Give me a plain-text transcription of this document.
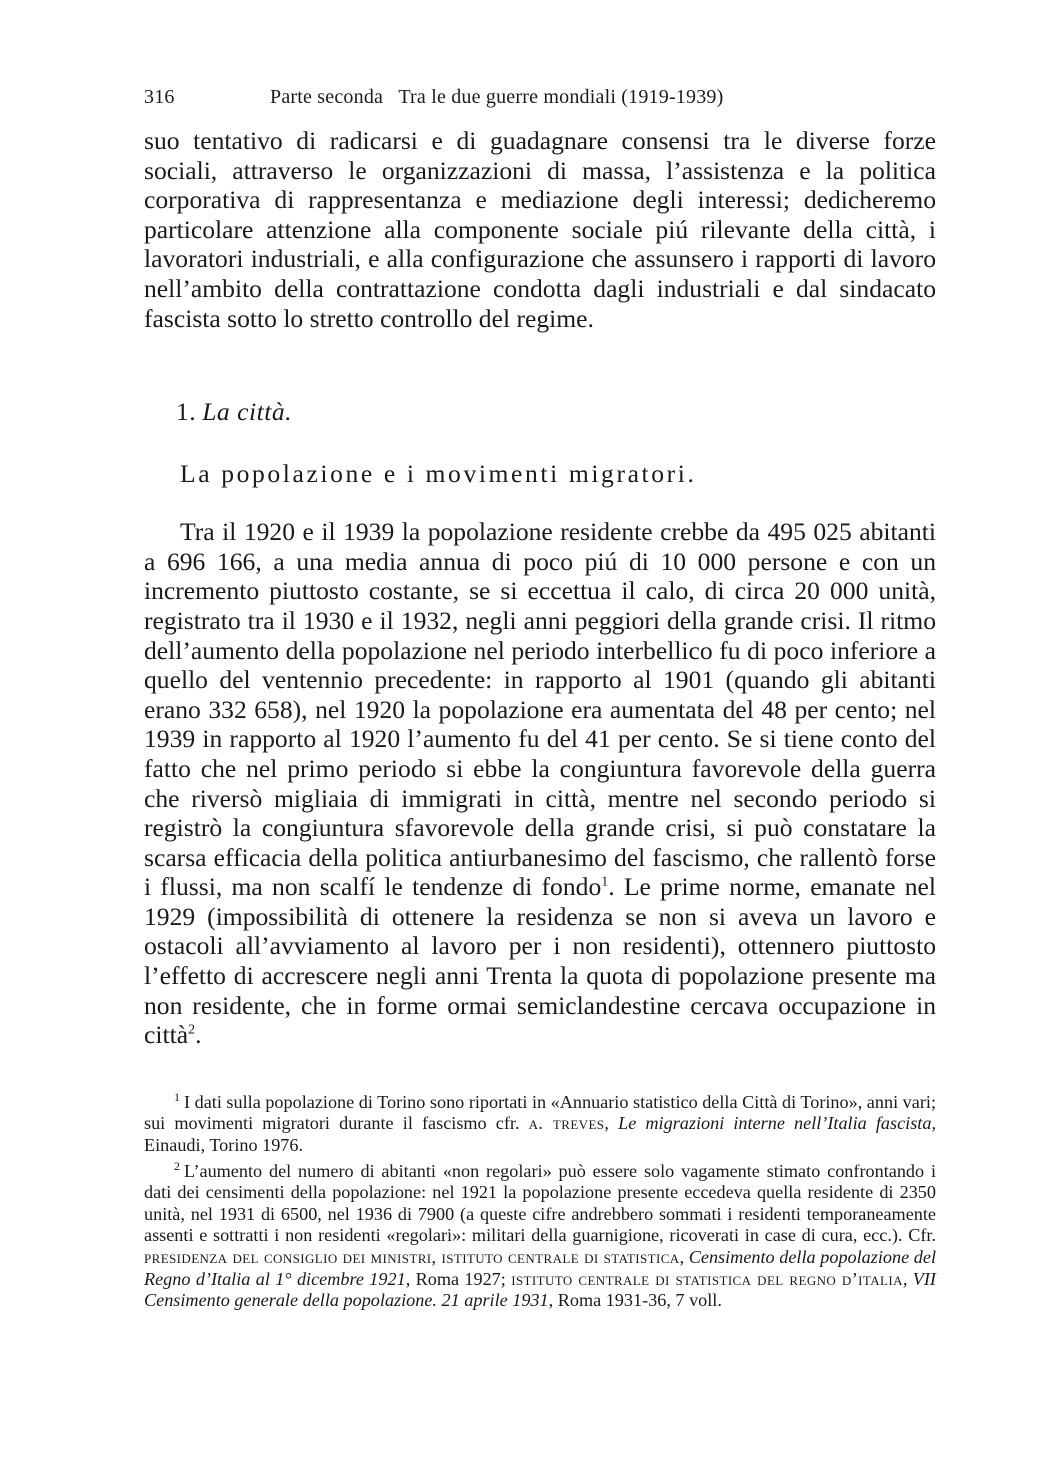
316	Parte seconda   Tra le due guerre mondiali (1919-1939)

suo tentativo di radicarsi e di guadagnare consensi tra le diverse forze sociali, attraverso le organizzazioni di massa, l’assistenza e la politica corporativa di rappresentanza e mediazione degli interessi; dedicheremo particolare attenzione alla componente sociale piú rilevante della città, i lavoratori industriali, e alla configurazione che assunsero i rapporti di lavoro nell’ambito della contrattazione condotta dagli industriali e dal sindacato fascista sotto lo stretto controllo del regime.

1. La città.
La popolazione e i movimenti migratori.

Tra il 1920 e il 1939 la popolazione residente crebbe da 495 025 abitanti a 696 166, a una media annua di poco piú di 10 000 persone e con un incremento piuttosto costante, se si eccettua il calo, di circa 20 000 unità, registrato tra il 1930 e il 1932, negli anni peggiori della grande crisi. Il ritmo dell’aumento della popolazione nel periodo interbellico fu di poco inferiore a quello del ventennio precedente: in rapporto al 1901 (quando gli abitanti erano 332 658), nel 1920 la popolazione era aumentata del 48 per cento; nel 1939 in rapporto al 1920 l’aumento fu del 41 per cento. Se si tiene conto del fatto che nel primo periodo si ebbe la congiuntura favorevole della guerra che riversò migliaia di immigrati in città, mentre nel secondo periodo si registrò la congiuntura sfavorevole della grande crisi, si può constatare la scarsa efficacia della politica antiurbanesimo del fascismo, che rallentò forse i flussi, ma non scalfí le tendenze di fondo$^1$. Le prime norme, emanate nel 1929 (impossibilità di ottenere la residenza se non si aveva un lavoro e ostacoli all’avviamento al lavoro per i non residenti), ottennero piuttosto l’effetto di accrescere negli anni Trenta la quota di popolazione presente ma non residente, che in forme ormai semiclandestine cercava occupazione in città$^2$.

$^1$ I dati sulla popolazione di Torino sono riportati in «Annuario statistico della Città di Torino», anni vari; sui movimenti migratori durante il fascismo cfr. a. treves, Le migrazioni interne nell’Italia fascista, Einaudi, Torino 1976.

$^2$ L’aumento del numero di abitanti «non regolari» può essere solo vagamente stimato confrontando i dati dei censimenti della popolazione: nel 1921 la popolazione presente eccedeva quella residente di 2350 unità, nel 1931 di 6500, nel 1936 di 7900 (a queste cifre andrebbero sommati i residenti temporaneamente assenti e sottratti i non residenti «regolari»: militari della guarnigione, ricoverati in case di cura, ecc.). Cfr. presidenza del consiglio dei ministri, istituto centrale di statistica, Censimento della popolazione del Regno d’Italia al 1° dicembre 1921, Roma 1927; istituto centrale di statistica del regno d’italia, VII Censimento generale della popolazione. 21 aprile 1931, Roma 1931-36, 7 voll.
